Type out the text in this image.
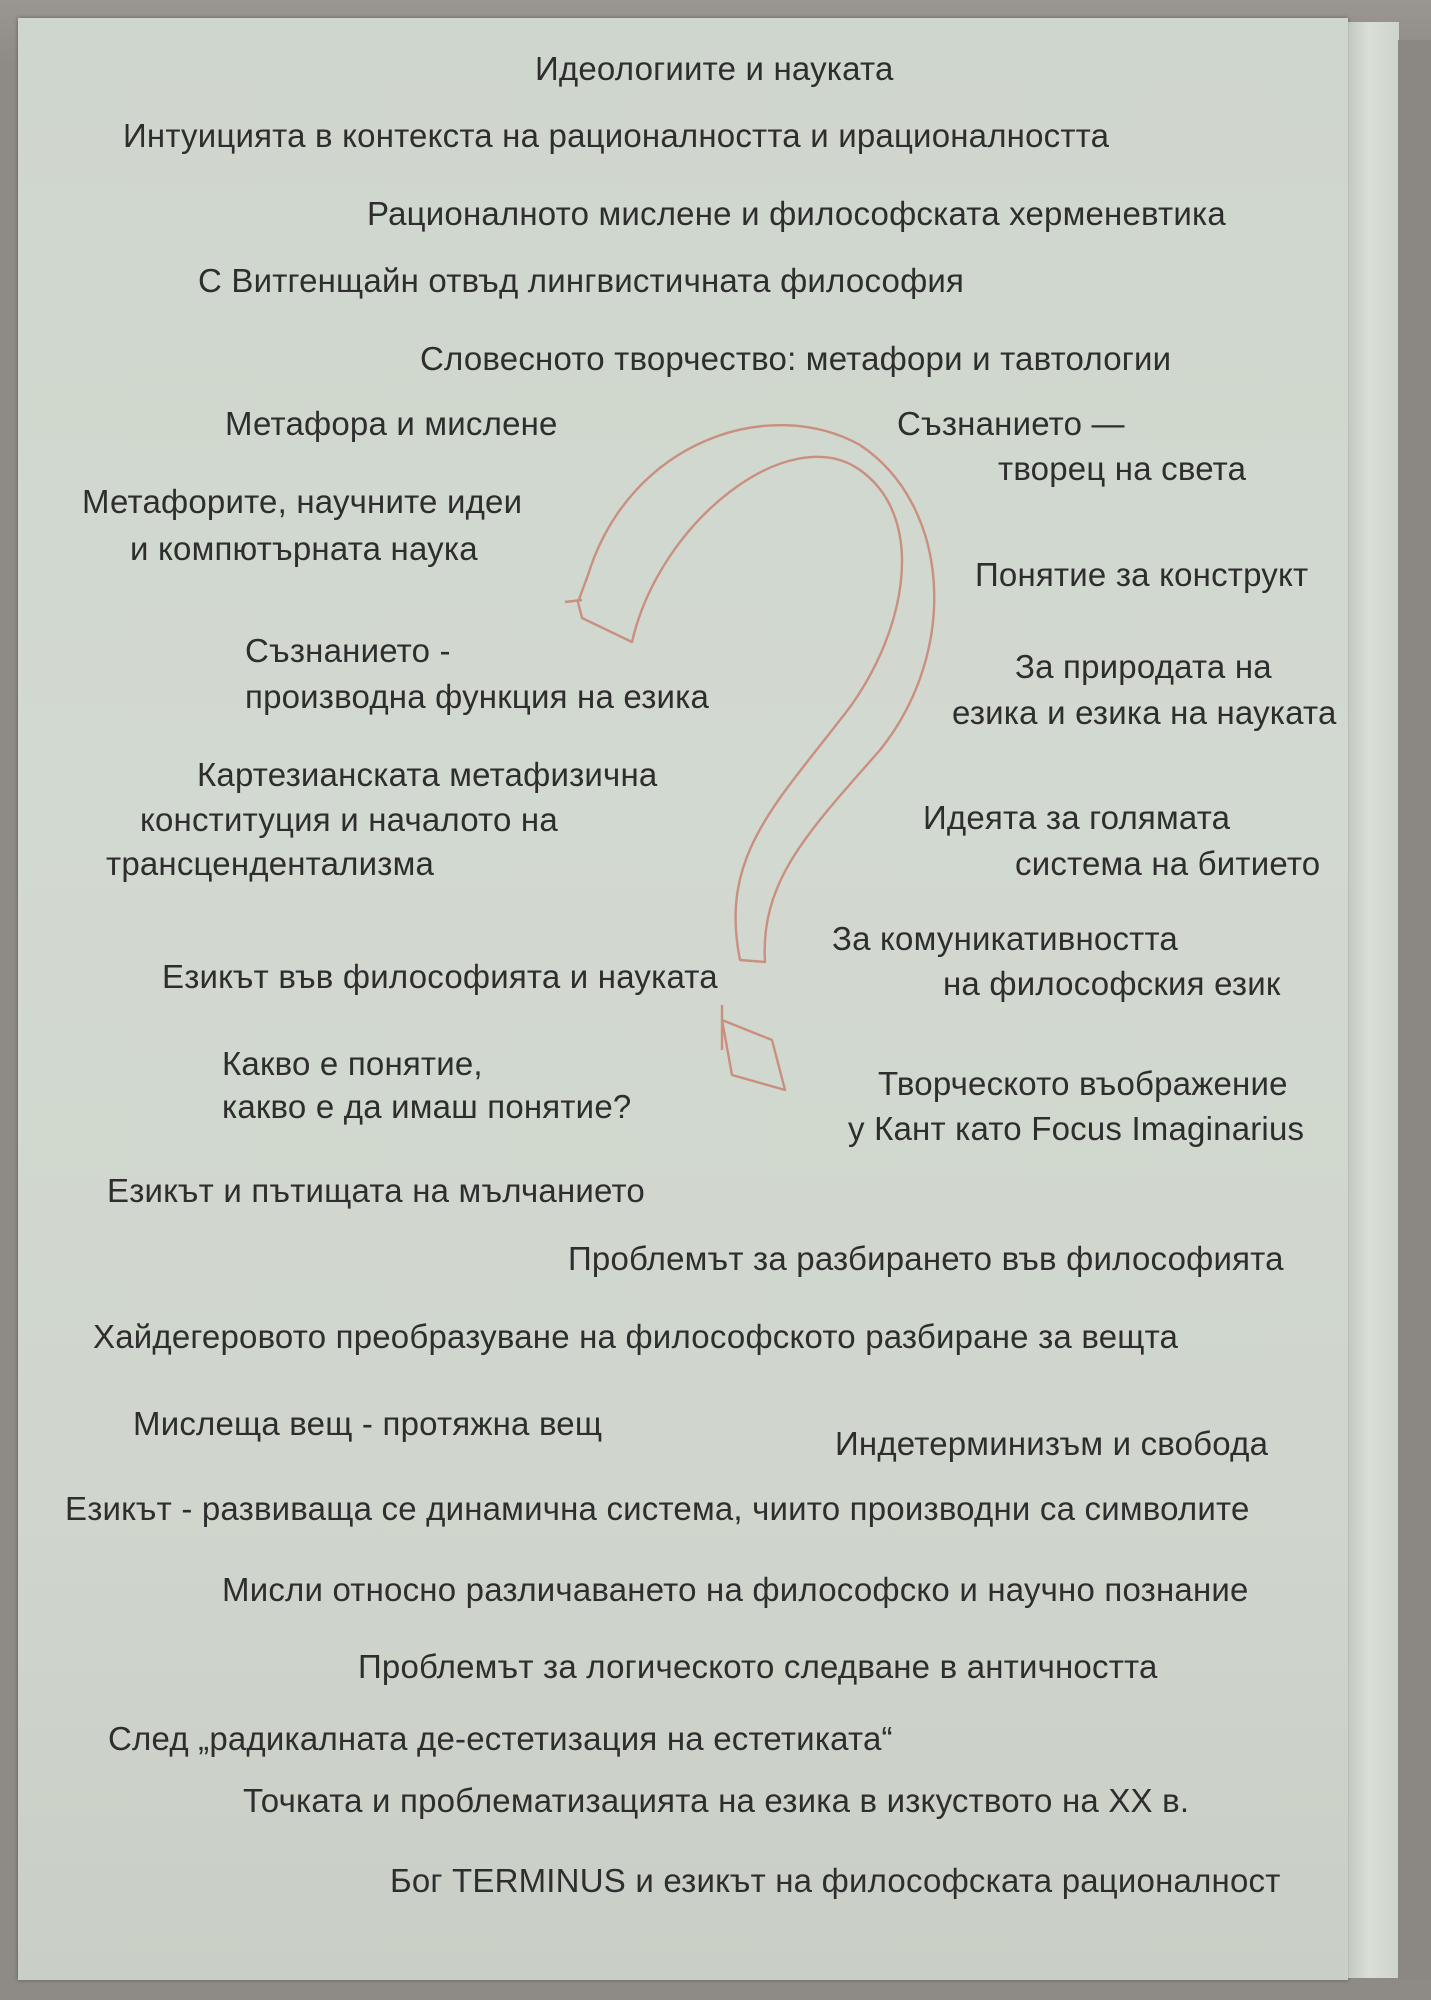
Идеологиите и науката
Интуицията в контекста на рационалността и ирационалността
Рационалното мислене и философската херменевтика
С Витгенщайн отвъд лингвистичната философия
Словесното творчество: метафори и тавтологии
Метафора и мислене	Съзнанието —
творец на света
Метафорите, научните идеи
и компютърната наука
Понятие за конструкт
Съзнанието -
производна функция на езика
За природата на
езика и езика на науката
Картезианската метафизична
конституция и началото на
трансцендентализма
Идеята за голямата
система на битието
За комуникативността
Езикът във философията и науката	на философския език
Какво е понятие,
какво е да имаш понятие?
Творческото въображение
у Кант като Focus Imaginarius
Езикът и пътищата на мълчанието
Проблемът за разбирането във философията
Хайдегеровото преобразуване на философското разбиране за вещта
Мислеща вещ - протяжна вещ
Индетерминизъм и свобода
Езикът - развиваща се динамична система, чиито производни са символите
Мисли относно различаването на философско и научно познание
Проблемът за логическото следване в античността
След „радикалната де-естетизация на естетиката“
Точката и проблематизацията на езика в изкуството на XX в.
Бог TERMINUS и езикът на философската рационалност
